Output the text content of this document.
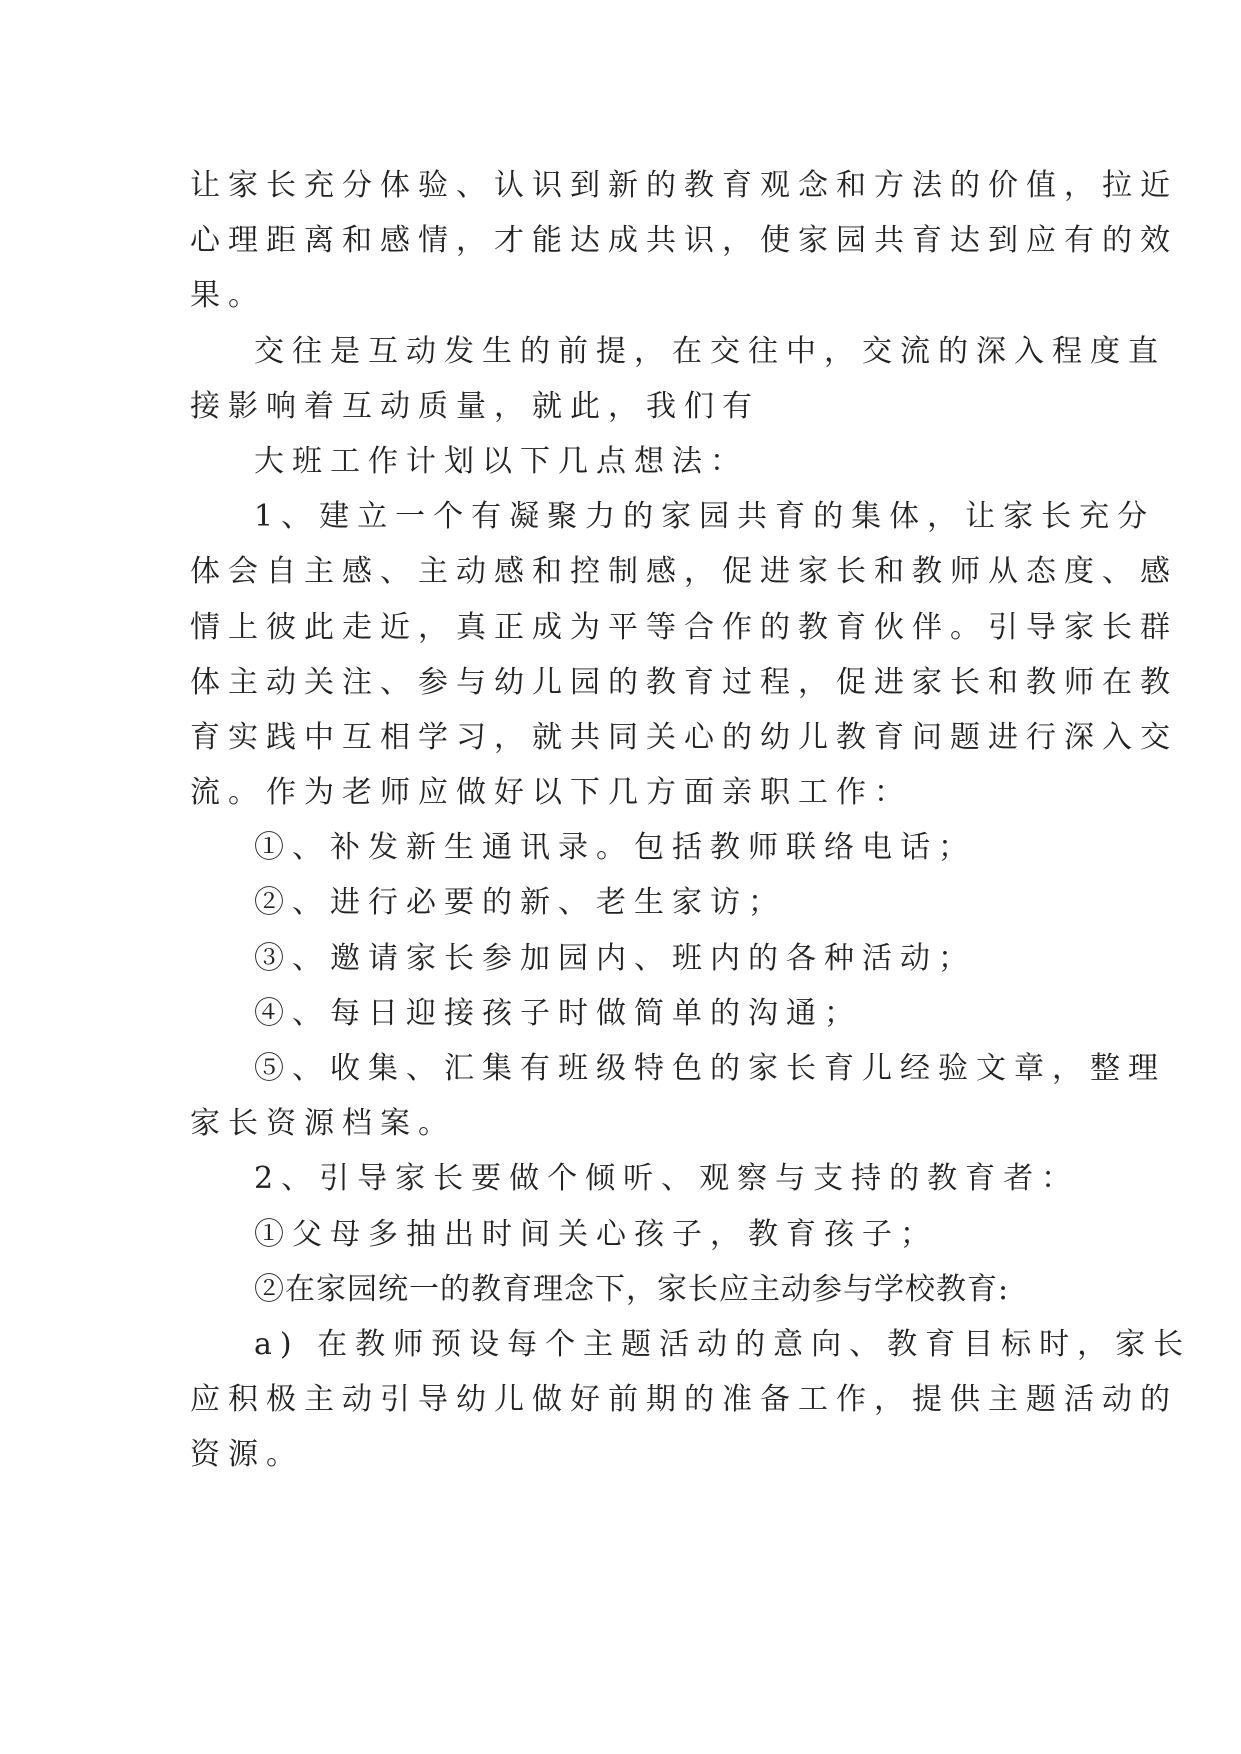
让家长充分体验、认识到新的教育观念和方法的价值，拉近
心理距离和感情，才能达成共识，使家园共育达到应有的效
果。
交往是互动发生的前提，在交往中，交流的深入程度直
接影响着互动质量，就此，我们有
大班工作计划以下几点想法：
1、建立一个有凝聚力的家园共育的集体，让家长充分
体会自主感、主动感和控制感，促进家长和教师从态度、感
情上彼此走近，真正成为平等合作的教育伙伴。引导家长群
体主动关注、参与幼儿园的教育过程，促进家长和教师在教
育实践中互相学习，就共同关心的幼儿教育问题进行深入交
流。作为老师应做好以下几方面亲职工作：
①、补发新生通讯录。包括教师联络电话；
②、进行必要的新、老生家访；
③、邀请家长参加园内、班内的各种活动；
④、每日迎接孩子时做简单的沟通；
⑤、收集、汇集有班级特色的家长育儿经验文章，整理
家长资源档案。
2、引导家长要做个倾听、观察与支持的教育者：
①父母多抽出时间关心孩子，教育孩子；
②在家园统一的教育理念下，家长应主动参与学校教育:
a) 在教师预设每个主题活动的意向、教育目标时，家长
应积极主动引导幼儿做好前期的准备工作，提供主题活动的
资源。
